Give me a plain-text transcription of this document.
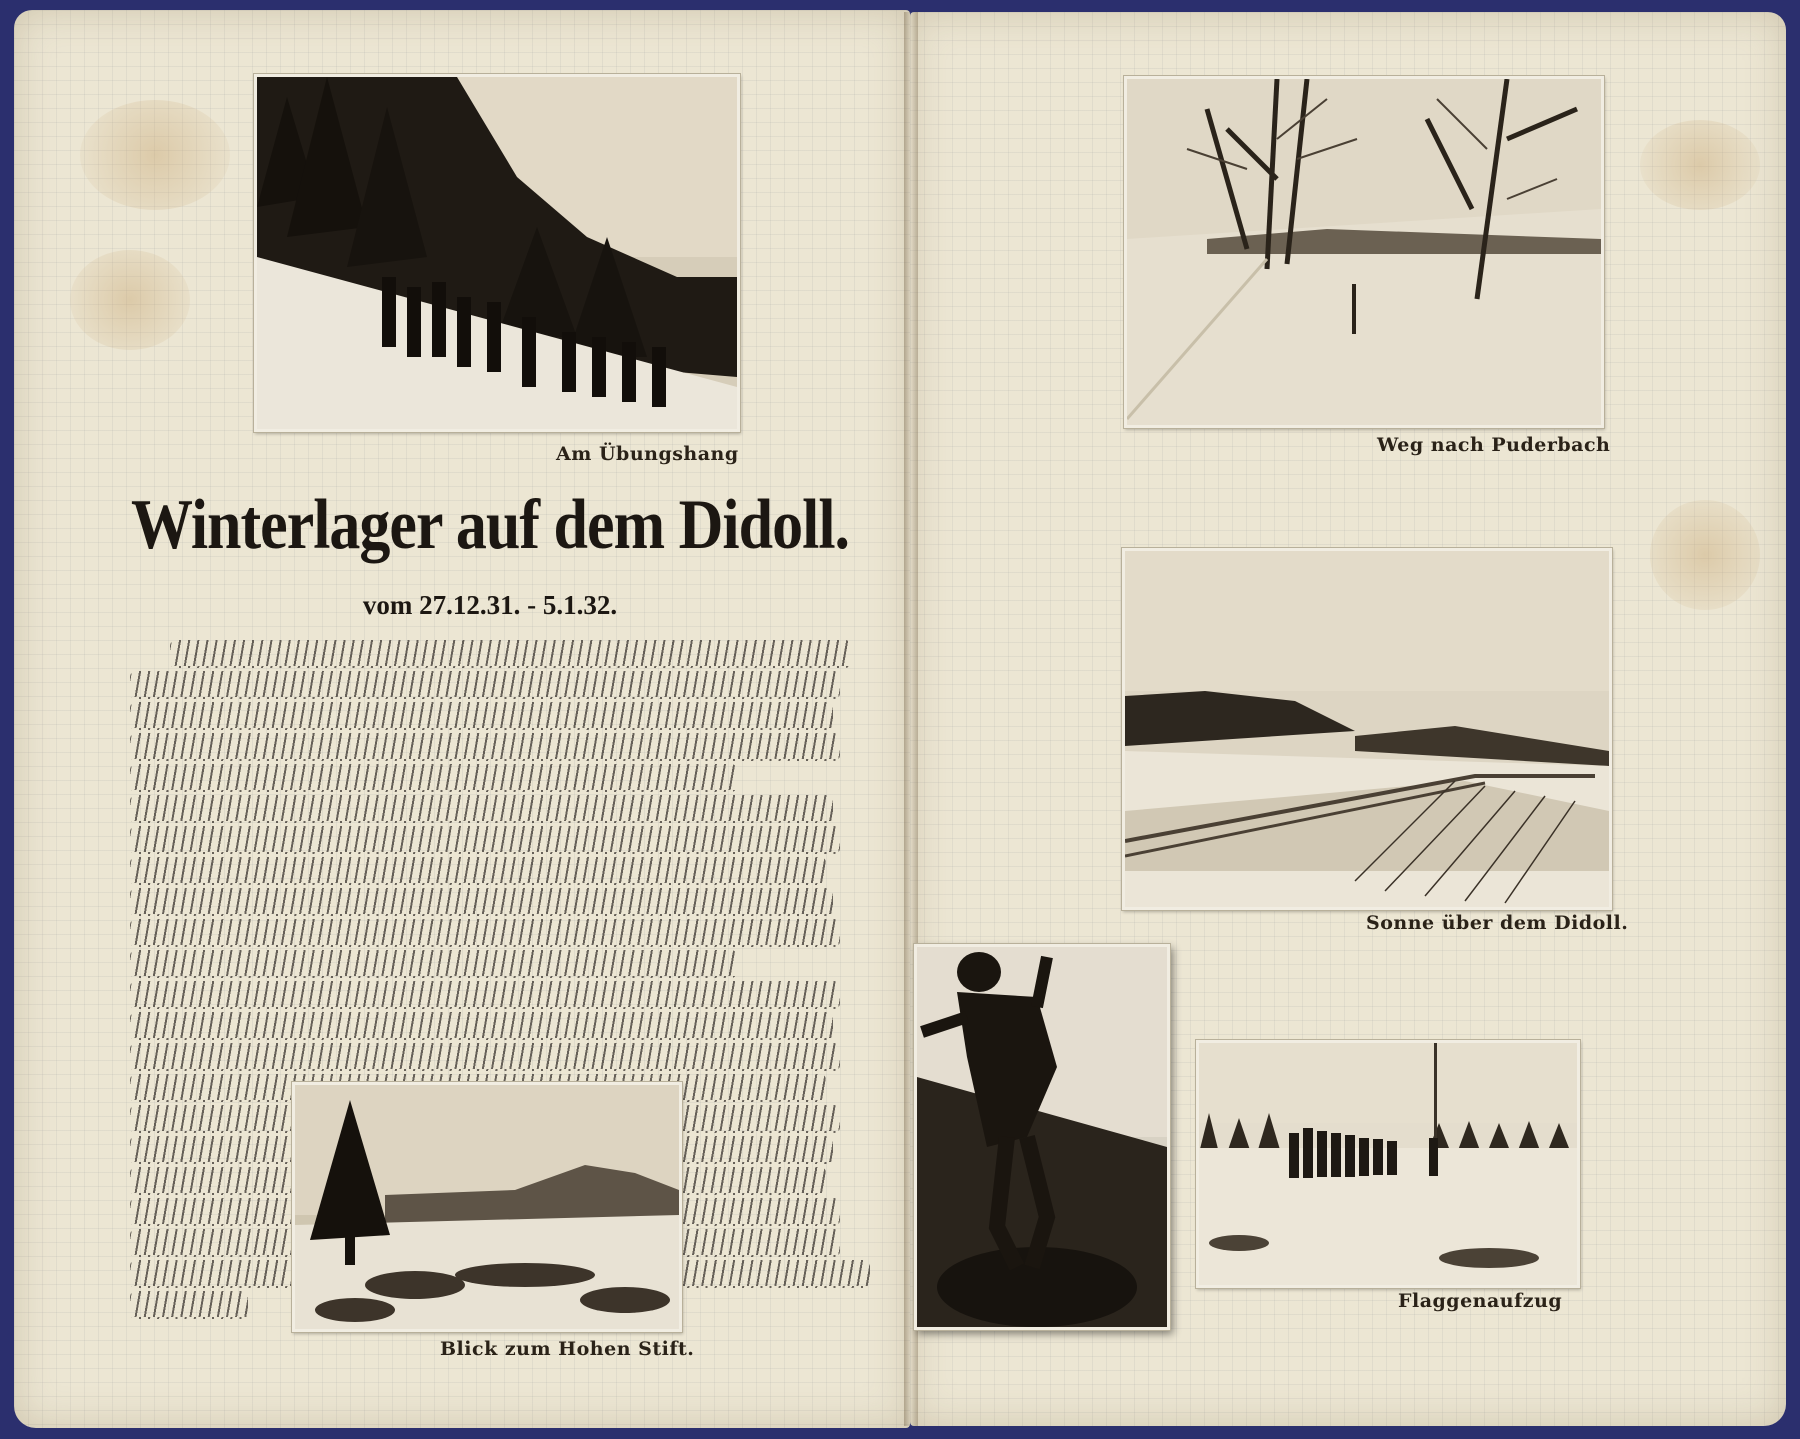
Am Übungshang
Winterlager auf dem Didoll.
vom 27.12.31. - 5.1.32.
Blick zum Hohen Stift.
Weg nach Puderbach
Sonne über dem Didoll.
Flaggenaufzug
